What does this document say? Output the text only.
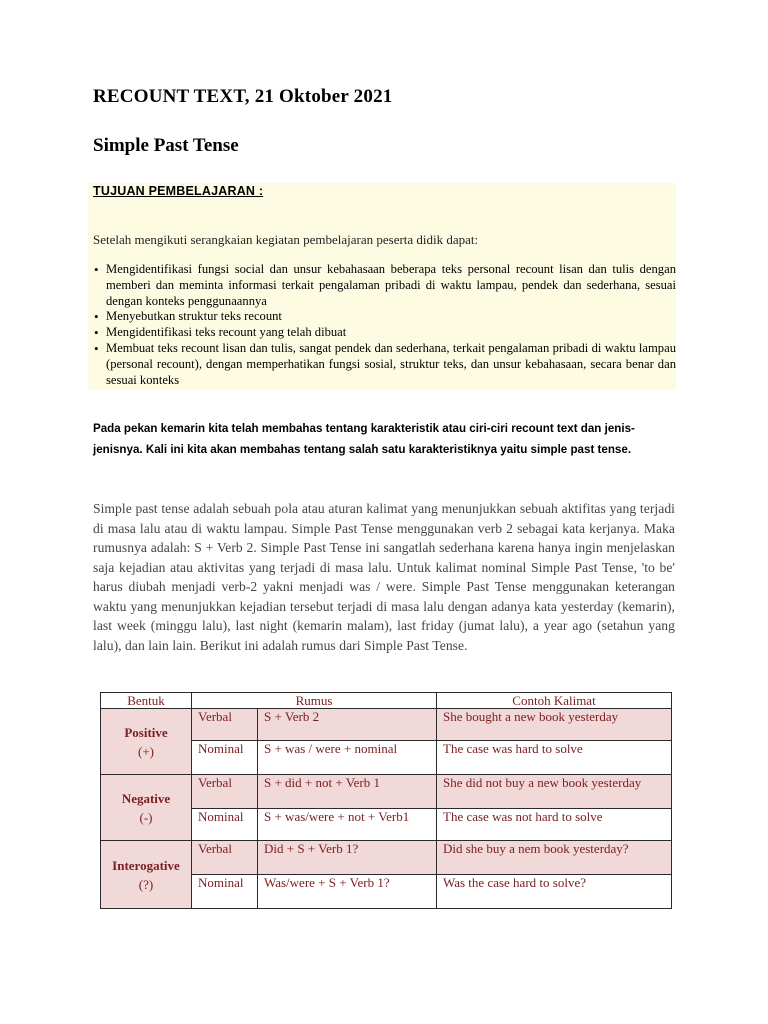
RECOUNT TEXT, 21 Oktober 2021
Simple Past Tense
TUJUAN PEMBELAJARAN :
Setelah mengikuti serangkaian kegiatan pembelajaran peserta didik dapat:
• Mengidentifikasi fungsi social dan unsur kebahasaan beberapa teks personal recount lisan dan tulis dengan memberi dan meminta informasi terkait pengalaman pribadi di waktu lampau, pendek dan sederhana, sesuai dengan konteks penggunaannya
• Menyebutkan struktur teks recount
• Mengidentifikasi teks recount yang telah dibuat
• Membuat teks recount lisan dan tulis, sangat pendek dan sederhana, terkait pengalaman pribadi di waktu lampau (personal recount), dengan memperhatikan fungsi sosial, struktur teks, dan unsur kebahasaan, secara benar dan sesuai konteks
Pada pekan kemarin kita telah membahas tentang karakteristik atau ciri-ciri recount text dan jenis-jenisnya. Kali ini kita akan membahas tentang salah satu karakteristiknya yaitu simple past tense.
Simple past tense adalah sebuah pola atau aturan kalimat yang menunjukkan sebuah aktifitas yang terjadi di masa lalu atau di waktu lampau. Simple Past Tense menggunakan verb 2 sebagai kata kerjanya. Maka rumusnya adalah: S + Verb 2. Simple Past Tense ini sangatlah sederhana karena hanya ingin menjelaskan saja kejadian atau aktivitas yang terjadi di masa lalu. Untuk kalimat nominal Simple Past Tense, 'to be' harus diubah menjadi verb-2 yakni menjadi was / were. Simple Past Tense menggunakan keterangan waktu yang menunjukkan kejadian tersebut terjadi di masa lalu dengan adanya kata yesterday (kemarin), last week (minggu lalu), last night (kemarin malam), last friday (jumat lalu), a year ago (setahun yang lalu), dan lain lain. Berikut ini adalah rumus dari Simple Past Tense.
Bentuk	Rumus		Contoh Kalimat
Positive
(+)	Verbal	S + Verb 2	She bought a new book yesterday
	Nominal	S + was / were + nominal	The case was hard to solve
Negative
(-)	Verbal	S + did + not + Verb 1	She did not buy a new book yesterday
	Nominal	S + was/were + not + Verb1	The case was not hard to solve
Interogative
(?)	Verbal	Did + S + Verb 1?	Did she buy a nem book yesterday?
	Nominal	Was/were + S + Verb 1?	Was the case hard to solve?
